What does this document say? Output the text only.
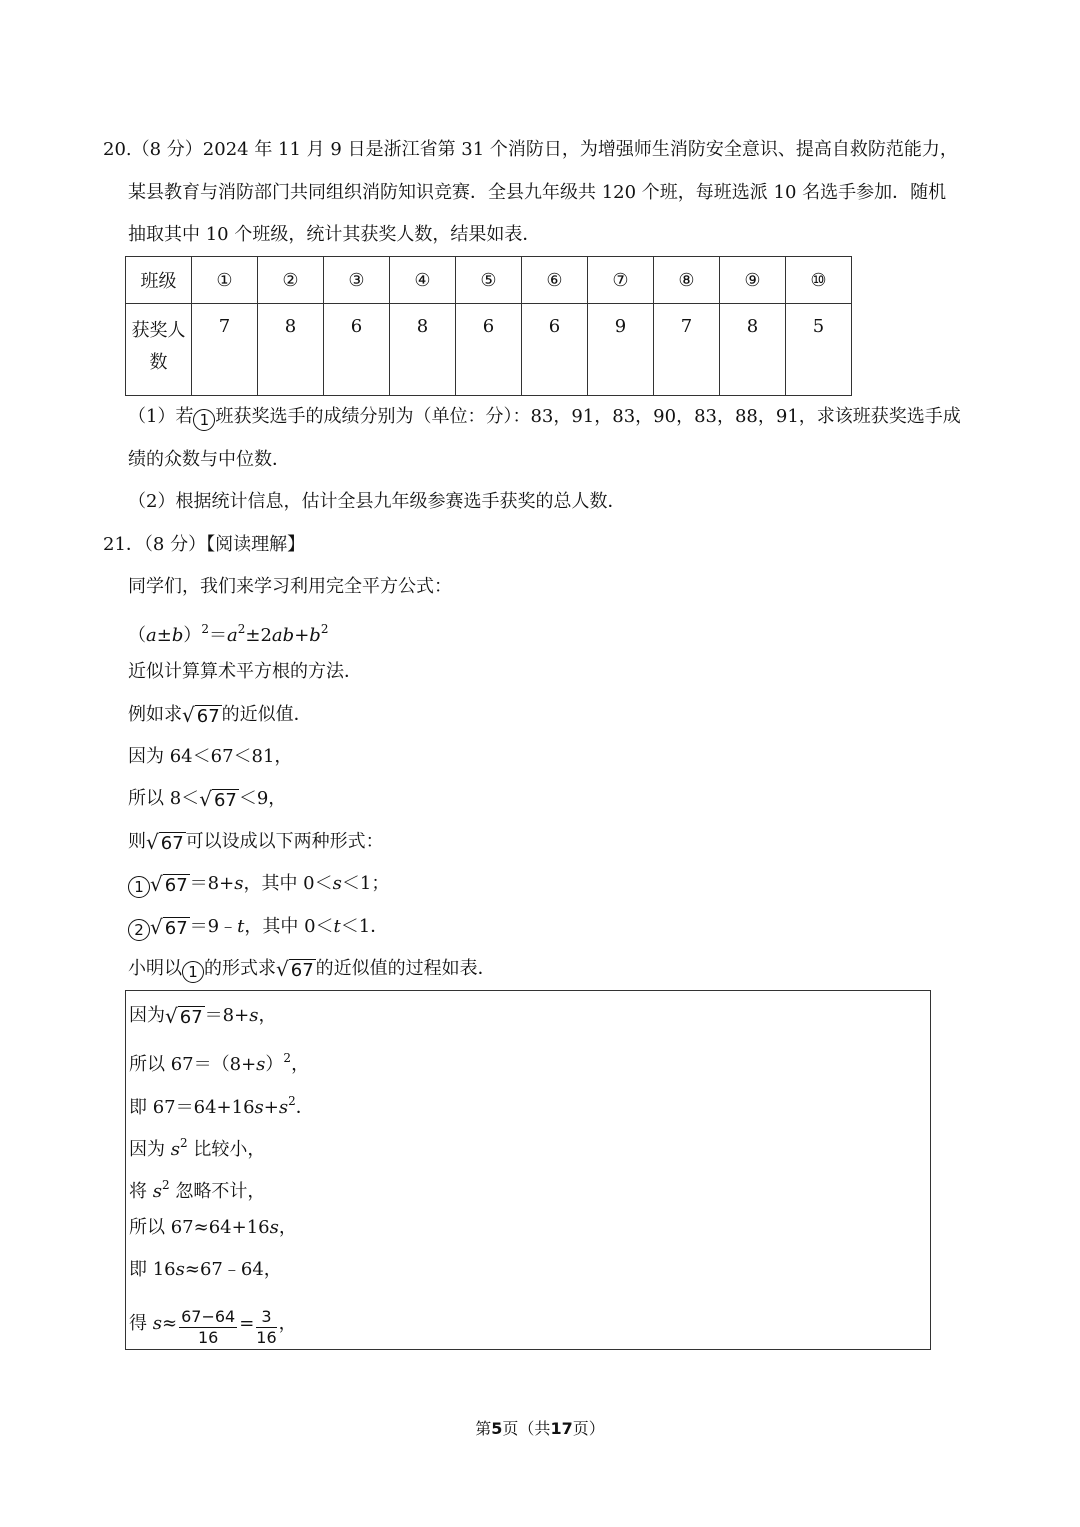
20.（8 分）2024 年 11 月 9 日是浙江省第 31 个消防日，为增强师生消防安全意识、提高自救防范能力，
某县教育与消防部门共同组织消防知识竞赛．全县九年级共 120 个班，每班选派 10 名选手参加．随机
抽取其中 10 个班级，统计其获奖人数，结果如表．
班级	①	②	③	④	⑤	⑥	⑦	⑧	⑨	⑩

获奖人
数	7	8	6	8	6	6	9	7	8	5
（1）若 1 班获奖选手的成绩分别为（单位：分）：83，91，83，90，83，88，91，求该班获奖选手成
绩的众数与中位数．
（2）根据统计信息，估计全县九年级参赛选手获奖的总人数．
21．（8 分）【阅读理解】
同学们，我们来学习利用完全平方公式：
$(a\pm b)^2=a^2\pm 2ab+b^2$
近似计算算术平方根的方法．
例如求√ 67 的近似值．
因为 64＜67＜81，
所以 8＜√ 67 ＜9，
则√ 67 可以设成以下两种形式：
1 √ 67 ＝8+s，其中 0＜s＜1；
2 √ 67 ＝9﹣t，其中 0＜t＜1．
小明以 1 的形式求√ 67 的近似值的过程如表．
因为√ 67 ＝8+s，
所以 $67=(8+s)^2$，
即 $67=64+16s+s^2$．
因为 $s^2$ 比较小，
将 $s^2$ 忽略不计，
所以 67≈64+16s，
即 16s≈67﹣64，
得 $s\approx \frac{67-64}{16} = \frac{3}{16}$ ，
第5页（共17页）
